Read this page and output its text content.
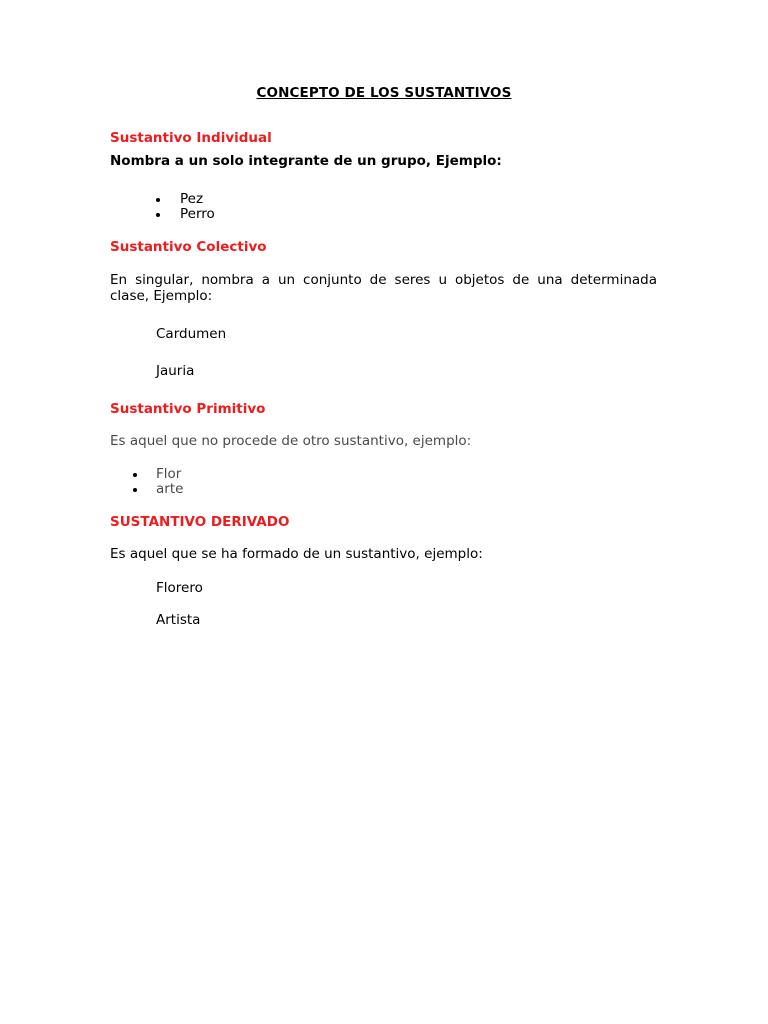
CONCEPTO DE LOS SUSTANTIVOS
Sustantivo Individual
Nombra a un solo integrante de un grupo, Ejemplo:
Pez
Perro
Sustantivo Colectivo
En singular, nombra a un conjunto de seres u objetos de una determinada
clase, Ejemplo:
Cardumen
Jauria
Sustantivo Primitivo
Es aquel que no procede de otro sustantivo, ejemplo:
Flor
arte
SUSTANTIVO DERIVADO
Es aquel que se ha formado de un sustantivo, ejemplo:
Florero
Artista
